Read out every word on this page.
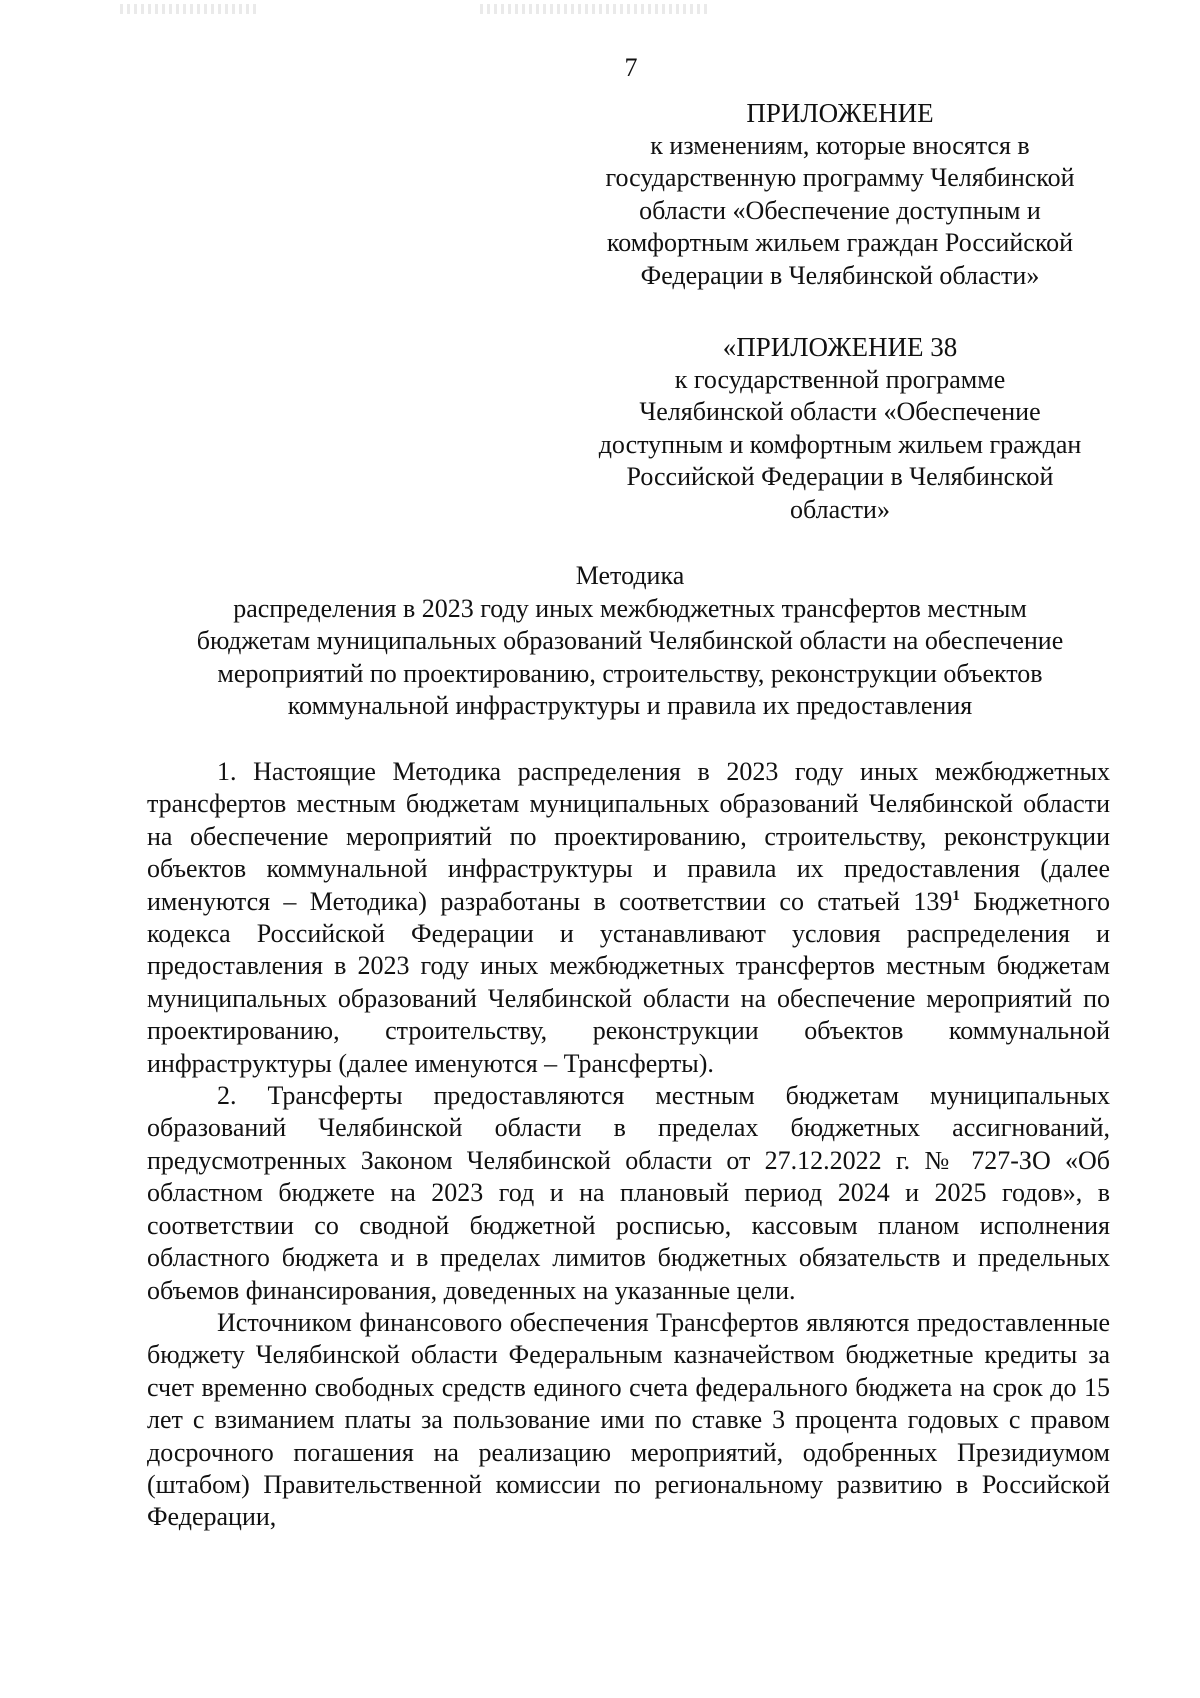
7
ПРИЛОЖЕНИЕ
к изменениям, которые вносятся в
государственную программу Челябинской
области «Обеспечение доступным и
комфортным жильем граждан Российской
Федерации в Челябинской области»
«ПРИЛОЖЕНИЕ 38
к государственной программе
Челябинской области «Обеспечение
доступным и комфортным жильем граждан
Российской Федерации в Челябинской
области»
Методика
распределения в 2023 году иных межбюджетных трансфертов местным
бюджетам муниципальных образований Челябинской области на обеспечение
мероприятий по проектированию, строительству, реконструкции объектов
коммунальной инфраструктуры и правила их предоставления

1. Настоящие Методика распределения в 2023 году иных межбюджетных трансфертов местным бюджетам муниципальных образований Челябинской области на обеспечение мероприятий по проектированию, строительству, реконструкции объектов коммунальной инфраструктуры и правила их предоставления (далее именуются – Методика) разработаны в соответствии со статьей $139^1$ Бюджетного кодекса Российской Федерации и устанавливают условия распределения и предоставления в 2023 году иных межбюджетных трансфертов местным бюджетам муниципальных образований Челябинской области на обеспечение мероприятий по проектированию, строительству, реконструкции объектов коммунальной инфраструктуры (далее именуются – Трансферты).

2. Трансферты предоставляются местным бюджетам муниципальных образований Челябинской области в пределах бюджетных ассигнований, предусмотренных Законом Челябинской области от 27.12.2022 г. № 727-ЗО «Об областном бюджете на 2023 год и на плановый период 2024 и 2025 годов», в соответствии со сводной бюджетной росписью, кассовым планом исполнения областного бюджета и в пределах лимитов бюджетных обязательств и предельных объемов финансирования, доведенных на указанные цели.

Источником финансового обеспечения Трансфертов являются предоставленные бюджету Челябинской области Федеральным казначейством бюджетные кредиты за счет временно свободных средств единого счета федерального бюджета на срок до 15 лет с взиманием платы за пользование ими по ставке 3 процента годовых с правом досрочного погашения на реализацию мероприятий, одобренных Президиумом (штабом) Правительственной комиссии по региональному развитию в Российской Федерации,
